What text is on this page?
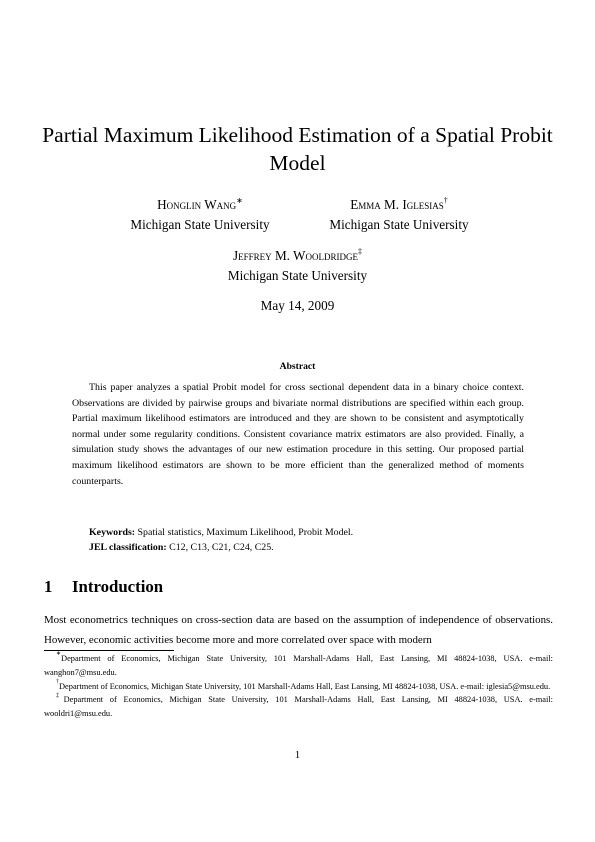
Partial Maximum Likelihood Estimation of a Spatial Probit Model
Honglin Wang∗
Michigan State University
Emma M. Iglesias†
Michigan State University
Jeffrey M. Wooldridge‡
Michigan State University
May 14, 2009
Abstract

This paper analyzes a spatial Probit model for cross sectional dependent data in a binary choice context. Observations are divided by pairwise groups and bivariate normal distributions are specified within each group. Partial maximum likelihood estimators are introduced and they are shown to be consistent and asymptotically normal under some regularity conditions. Consistent covariance matrix estimators are also provided. Finally, a simulation study shows the advantages of our new estimation procedure in this setting. Our proposed partial maximum likelihood estimators are shown to be more efficient than the generalized method of moments counterparts.

Keywords: Spatial statistics, Maximum Likelihood, Probit Model.
JEL classification: C12, C13, C21, C24, C25.
1 Introduction

Most econometrics techniques on cross-section data are based on the assumption of independence of observations. However, economic activities become more and more correlated over space with modern

∗Department of Economics, Michigan State University, 101 Marshall-Adams Hall, East Lansing, MI 48824-1038, USA. e-mail: wanghon7@msu.edu.

†Department of Economics, Michigan State University, 101 Marshall-Adams Hall, East Lansing, MI 48824-1038, USA. e-mail: iglesia5@msu.edu.

‡Department of Economics, Michigan State University, 101 Marshall-Adams Hall, East Lansing, MI 48824-1038, USA. e-mail: wooldri1@msu.edu.

1
